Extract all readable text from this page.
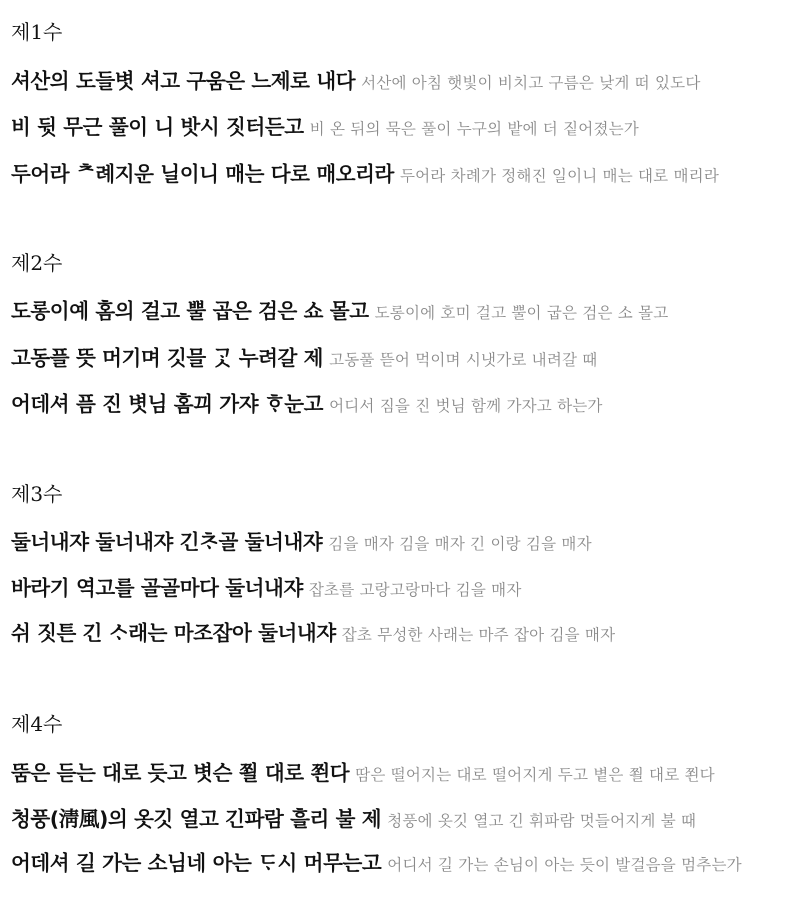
제1수
셔산의 도들볏 셔고 구움은 느제로 내다 서산에 아침 햇빛이 비치고 구름은 낮게 떠 있도다
비 뒷 무근 풀이 니 밧시 짓터든고 비 온 뒤의 묵은 풀이 누구의 밭에 더 짙어졌는가
두어라 ᄎ례지운 닐이니 매는 다로 매오리라 두어라 차례가 정해진 일이니 매는 대로 매리라
제2수
도롱이예 홈의 걸고 뿔 곱은 검은 쇼 몰고 도롱이에 호미 걸고 뿔이 굽은 검은 소 몰고
고동플 뜻 머기며 깃믈 ᄀᆞᆺ 누려갈 제 고동풀 뜯어 먹이며 시냇가로 내려갈 때
어데셔 픔 진 볏님 홈끠 가쟈 ᄒᆞ눈고 어디서 짐을 진 벗님 함께 가자고 하는가
제3수
둘너내쟈 둘너내쟈 긴ᄎᆞ골 둘너내쟈 김을 매자 김을 매자 긴 이랑 김을 매자
바라기 역고를 골골마다 둘너내쟈 잡초를 고랑고랑마다 김을 매자
쉬 짓튼 긴 ᄉᆞ래는 마조잡아 둘너내쟈 잡초 무성한 사래는 마주 잡아 김을 매자
제4수
뚬은 듣는 대로 듯고 볏슨 쬘 대로 쬔다 땀은 떨어지는 대로 떨어지게 두고 볕은 쬘 대로 쬔다
청풍(淸風)의 옷깃 열고 긴파람 흘리 불 제 청풍에 옷깃 열고 긴 휘파람 멋들어지게 불 때
어데셔 길 가는 소님네 아는 ᄃᆞ시 머무는고 어디서 길 가는 손님이 아는 듯이 발걸음을 멈추는가
